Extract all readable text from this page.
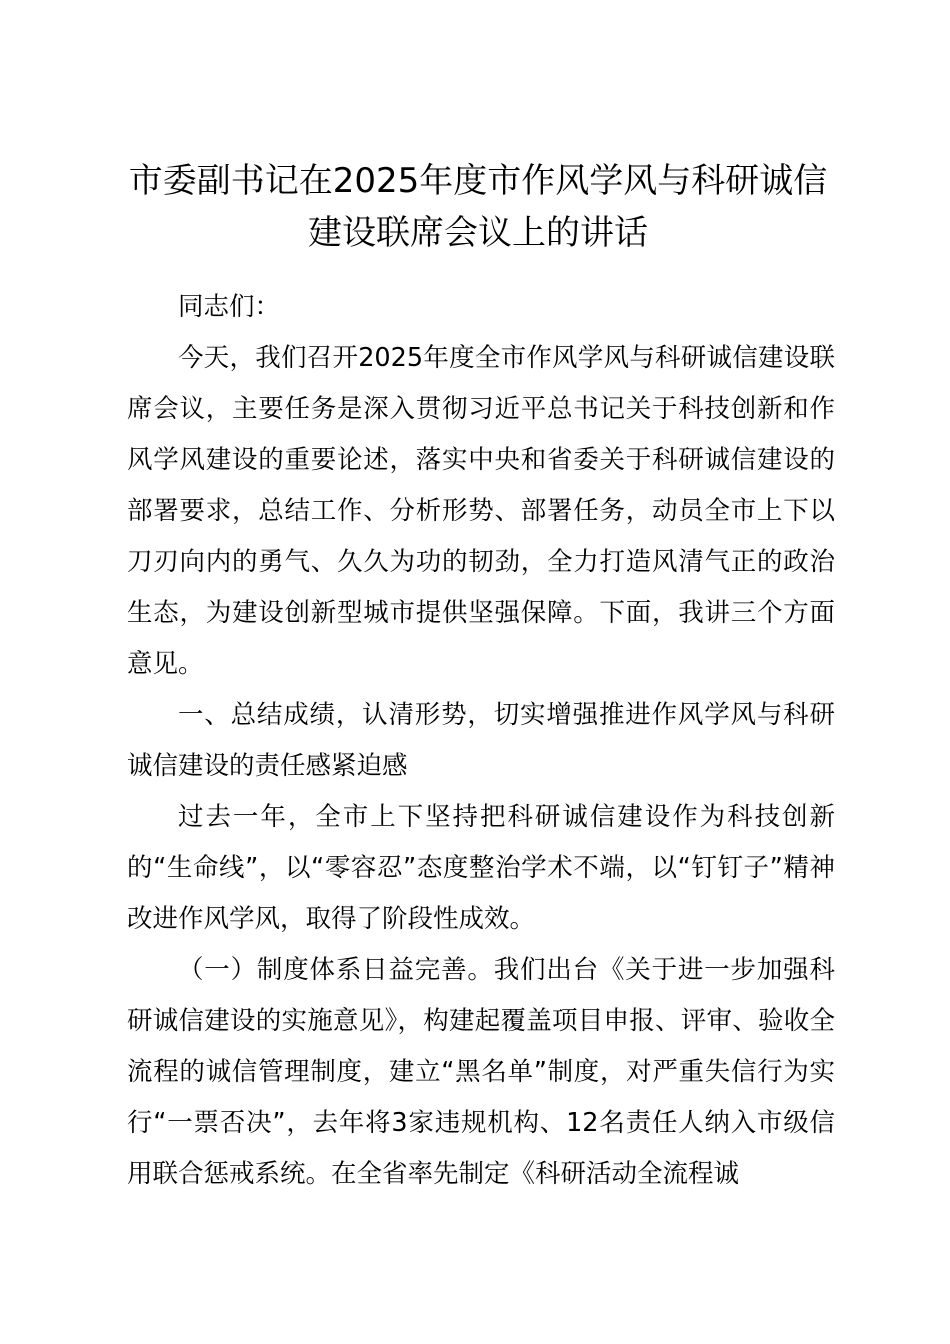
市委副书记在2025年度市作风学风与科研诚信建设联席会议上的讲话

同志们：

今天，我们召开2025年度全市作风学风与科研诚信建设联席会议，主要任务是深入贯彻习近平总书记关于科技创新和作风学风建设的重要论述，落实中央和省委关于科研诚信建设的部署要求，总结工作、分析形势、部署任务，动员全市上下以刀刃向内的勇气、久久为功的韧劲，全力打造风清气正的政治生态，为建设创新型城市提供坚强保障。下面，我讲三个方面意见。

一、总结成绩，认清形势，切实增强推进作风学风与科研诚信建设的责任感紧迫感

过去一年，全市上下坚持把科研诚信建设作为科技创新的“生命线”，以“零容忍”态度整治学术不端，以“钉钉子”精神改进作风学风，取得了阶段性成效。

（一）制度体系日益完善。我们出台《关于进一步加强科研诚信建设的实施意见》，构建起覆盖项目申报、评审、验收全流程的诚信管理制度，建立“黑名单”制度，对严重失信行为实行“一票否决”，去年将3家违规机构、12名责任人纳入市级信用联合惩戒系统。在全省率先制定《科研活动全流程诚
